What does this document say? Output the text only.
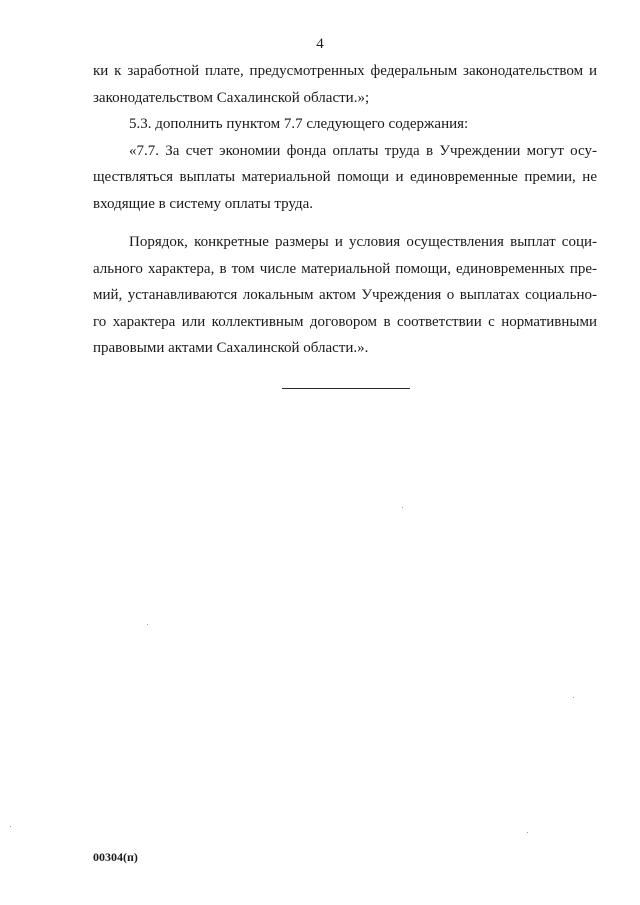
4
ки к заработной плате, предусмотренных федеральным законодательством и
законодательством Сахалинской области.»;
5.3. дополнить пунктом 7.7 следующего содержания:
«7.7. За счет экономии фонда оплаты труда в Учреждении могут осу-
ществляться выплаты материальной помощи и единовременные премии, не
входящие в систему оплаты труда.
Порядок, конкретные размеры и условия осуществления выплат соци-
ального характера, в том числе материальной помощи, единовременных пре-
мий, устанавливаются локальным актом Учреждения о выплатах социально-
го характера или коллективным договором в соответствии с нормативными
правовыми актами Сахалинской области.».
00304(п)
